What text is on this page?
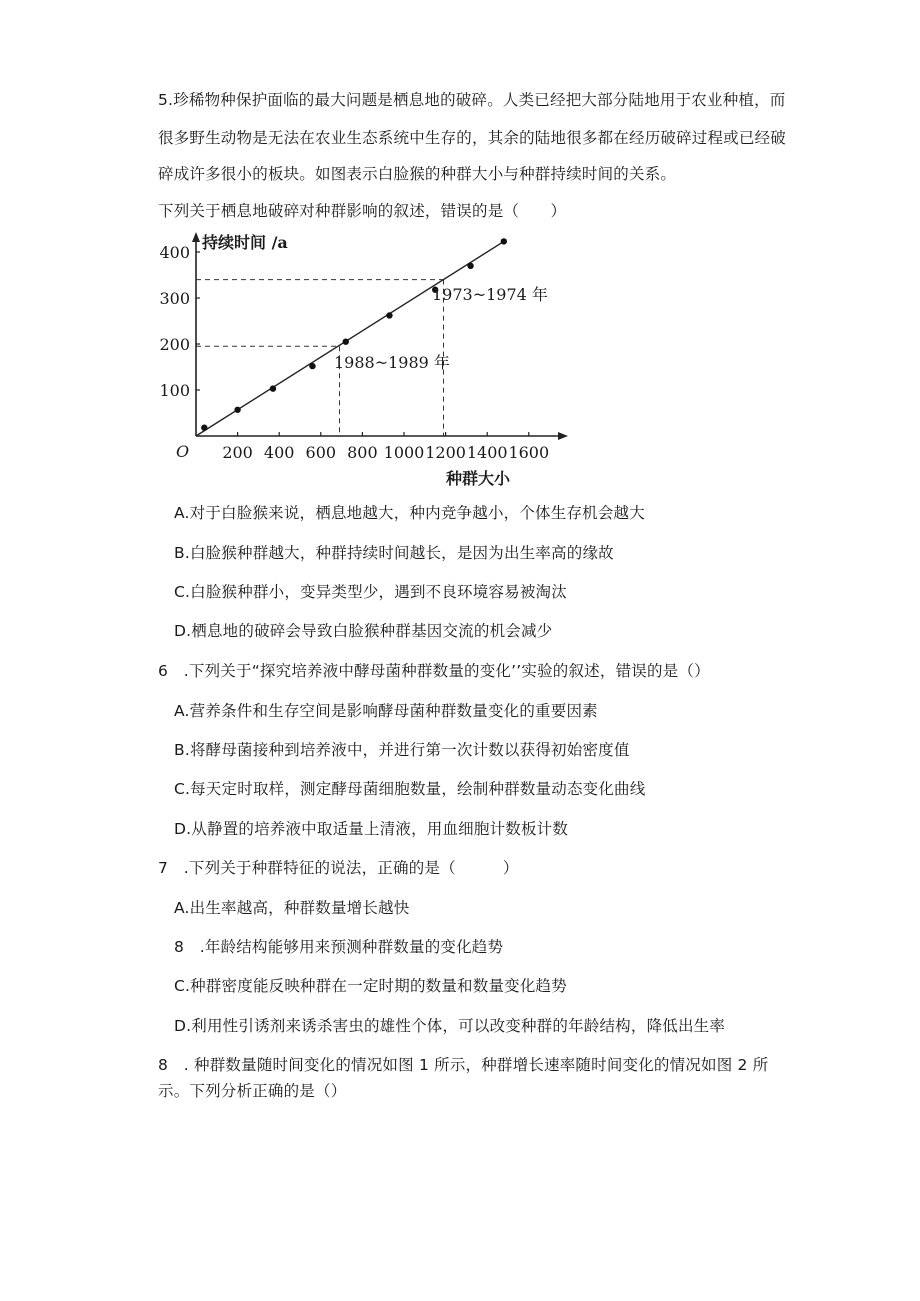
5.珍稀物种保护面临的最大问题是栖息地的破碎。人类已经把大部分陆地用于农业种植，而
很多野生动物是无法在农业生态系统中生存的，其余的陆地很多都在经历破碎过程或已经破
碎成许多很小的板块。如图表示白脸猴的种群大小与种群持续时间的关系。
下列关于栖息地破碎对种群影响的叙述，错误的是（　　）
200 400 600 800 1000 1200 1400 1600
100
200
300
400
持续时间 /a
种群大小
O
1988~1989 年
1973~1974 年
A.对于白脸猴来说，栖息地越大，种内竞争越小，个体生存机会越大
B.白脸猴种群越大，种群持续时间越长，是因为出生率高的缘故
C.白脸猴种群小，变异类型少，遇到不良环境容易被淘汰
D.栖息地的破碎会导致白脸猴种群基因交流的机会减少
6　.下列关于“探究培养液中酵母菌种群数量的变化’’实验的叙述，错误的是（）
A.营养条件和生存空间是影响酵母菌种群数量变化的重要因素
B.将酵母菌接种到培养液中，并进行第一次计数以获得初始密度值
C.每天定时取样，测定酵母菌细胞数量，绘制种群数量动态变化曲线
D.从静置的培养液中取适量上清液，用血细胞计数板计数
7　.下列关于种群特征的说法，正确的是（　　　）
A.出生率越高，种群数量增长越快
8　.年龄结构能够用来预测种群数量的变化趋势
C.种群密度能反映种群在一定时期的数量和数量变化趋势
D.利用性引诱剂来诱杀害虫的雄性个体，可以改变种群的年龄结构，降低出生率
8　. 种群数量随时间变化的情况如图 1 所示，种群增长速率随时间变化的情况如图 2 所
示。下列分析正确的是（）
